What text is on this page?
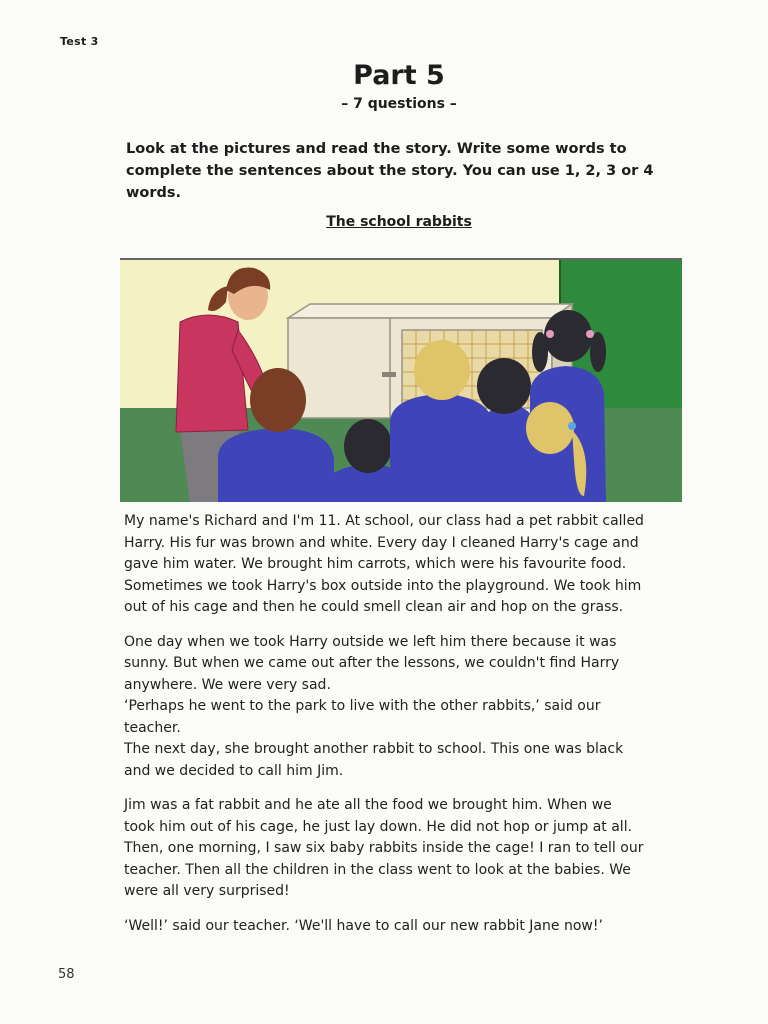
Test 3
Part 5
– 7 questions –
Look at the pictures and read the story. Write some words to
complete the sentences about the story. You can use 1, 2, 3 or 4
words.
The school rabbits

My name's Richard and I'm 11. At school, our class had a pet rabbit called
Harry. His fur was brown and white. Every day I cleaned Harry's cage and
gave him water. We brought him carrots, which were his favourite food.
Sometimes we took Harry's box outside into the playground. We took him
out of his cage and then he could smell clean air and hop on the grass.

One day when we took Harry outside we left him there because it was
sunny. But when we came out after the lessons, we couldn't find Harry
anywhere. We were very sad.
‘Perhaps he went to the park to live with the other rabbits,’ said our
teacher.
The next day, she brought another rabbit to school. This one was black
and we decided to call him Jim.

Jim was a fat rabbit and he ate all the food we brought him. When we
took him out of his cage, he just lay down. He did not hop or jump at all.
Then, one morning, I saw six baby rabbits inside the cage! I ran to tell our
teacher. Then all the children in the class went to look at the babies. We
were all very surprised!

‘Well!’ said our teacher. ‘We'll have to call our new rabbit Jane now!’

58
